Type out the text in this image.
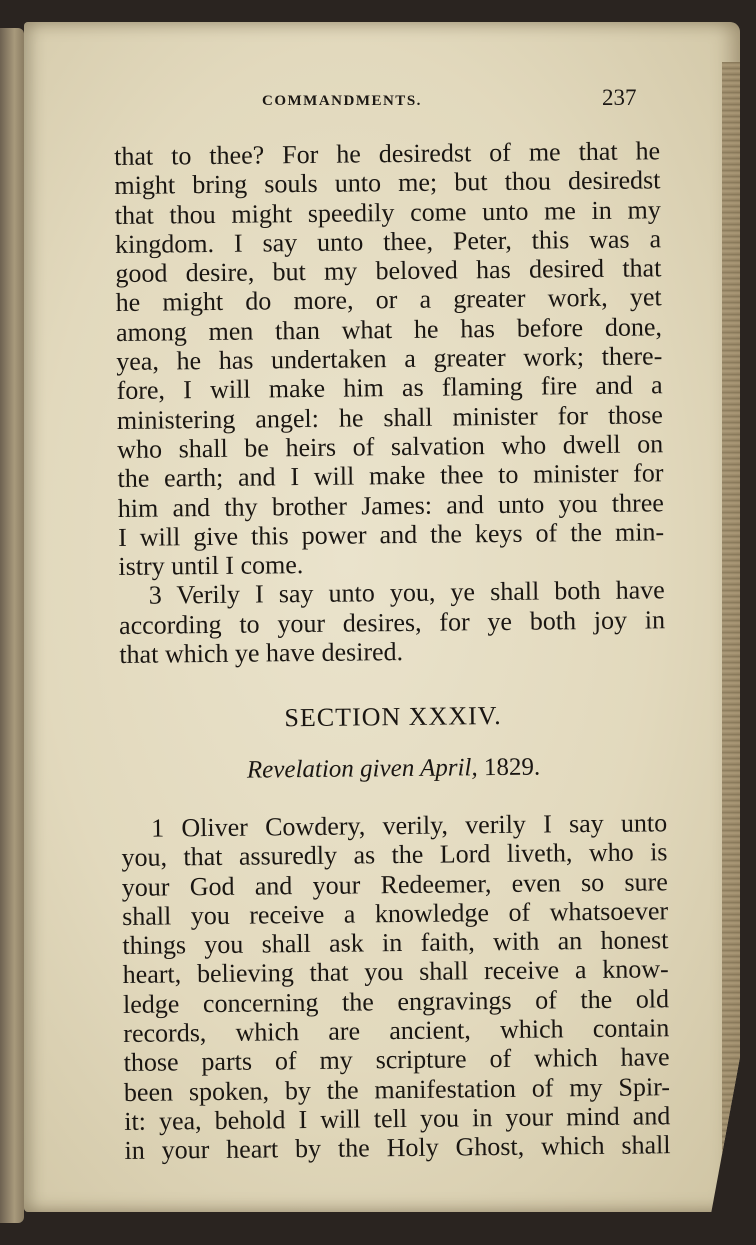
COMMANDMENTS.	237
that to thee? For he desiredst of me that he
might bring souls unto me; but thou desiredst
that thou might speedily come unto me in my
kingdom. I say unto thee, Peter, this was a
good desire, but my beloved has desired that
he might do more, or a greater work, yet
among men than what he has before done,
yea, he has undertaken a greater work; there-
fore, I will make him as flaming fire and a
ministering angel: he shall minister for those
who shall be heirs of salvation who dwell on
the earth; and I will make thee to minister for
him and thy brother James: and unto you three
I will give this power and the keys of the min-
istry until I come.
3 Verily I say unto you, ye shall both have
according to your desires, for ye both joy in
that which ye have desired.
SECTION XXXIV.
Revelation given April, 1829.
1 Oliver Cowdery, verily, verily I say unto
you, that assuredly as the Lord liveth, who is
your God and your Redeemer, even so sure
shall you receive a knowledge of whatsoever
things you shall ask in faith, with an honest
heart, believing that you shall receive a know-
ledge concerning the engravings of the old
records, which are ancient, which contain
those parts of my scripture of which have
been spoken, by the manifestation of my Spir-
it: yea, behold I will tell you in your mind and
in your heart by the Holy Ghost, which shall
